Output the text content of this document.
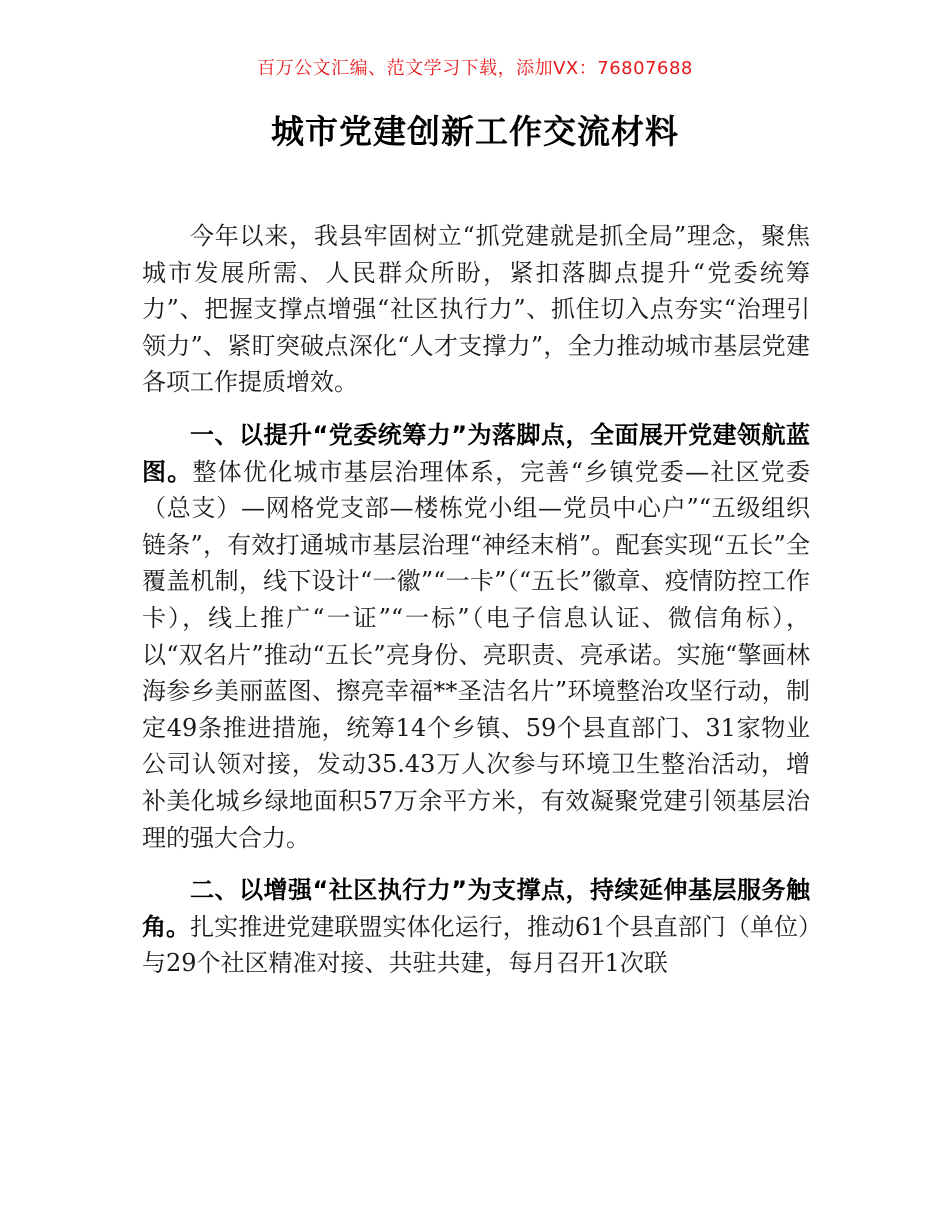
百万公文汇编、范文学习下载，添加VX：76807688
城市党建创新工作交流材料

今年以来，我县牢固树立“抓党建就是抓全局”理念，聚焦城市发展所需、人民群众所盼，紧扣落脚点提升“党委统筹力”、把握支撑点增强“社区执行力”、抓住切入点夯实“治理引领力”、紧盯突破点深化“人才支撑力”，全力推动城市基层党建各项工作提质增效。

一、以提升“党委统筹力”为落脚点，全面展开党建领航蓝图。整体优化城市基层治理体系，完善“乡镇党委—社区党委（总支）—网格党支部—楼栋党小组—党员中心户”“五级组织链条”，有效打通城市基层治理“神经末梢”。配套实现“五长”全覆盖机制，线下设计“一徽”“一卡”（“五长”徽章、疫情防控工作卡），线上推广“一证”“一标”（电子信息认证、微信角标），以“双名片”推动“五长”亮身份、亮职责、亮承诺。实施“擎画林海参乡美丽蓝图、擦亮幸福**圣洁名片”环境整治攻坚行动，制定49条推进措施，统筹14个乡镇、59个县直部门、31家物业公司认领对接，发动35.43万人次参与环境卫生整治活动，增补美化城乡绿地面积57万余平方米，有效凝聚党建引领基层治理的强大合力。

二、以增强“社区执行力”为支撑点，持续延伸基层服务触角。扎实推进党建联盟实体化运行，推动61个县直部门（单位）与29个社区精准对接、共驻共建，每月召开1次联
